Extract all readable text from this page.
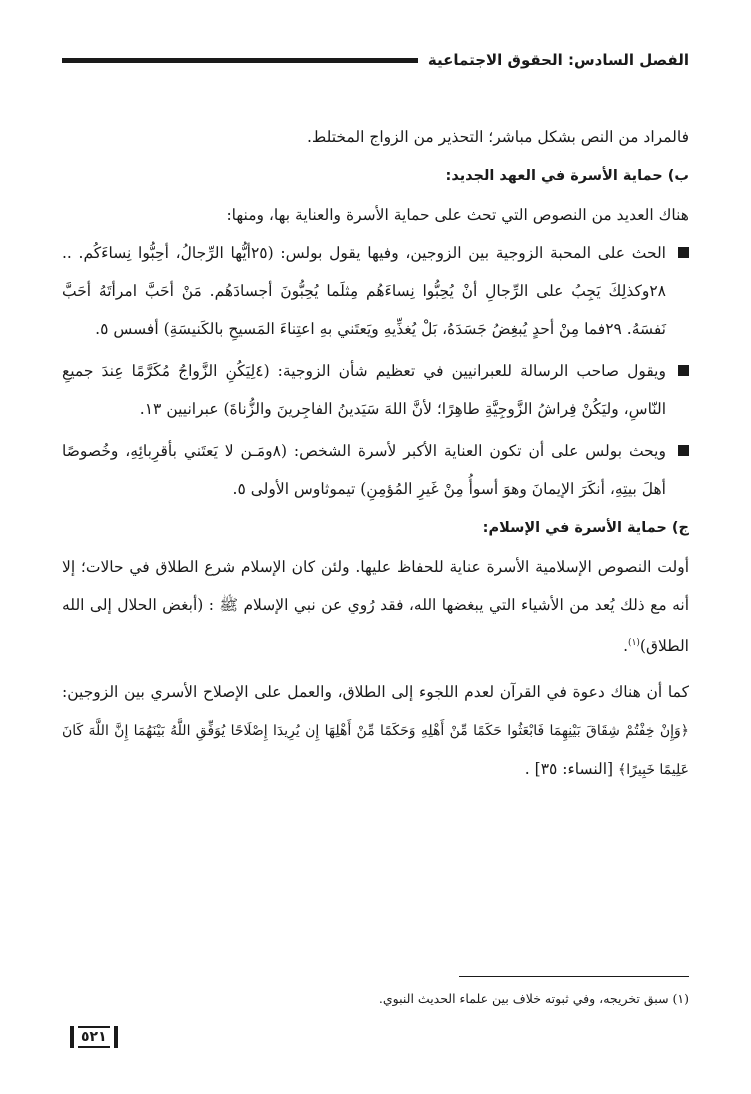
الفصل السادس: الحقوق الاجتماعية

فالمراد من النص بشكل مباشر؛ التحذير من الزواج المختلط.

ب) حماية الأسرة في العهد الجديد:

هناك العديد من النصوص التي تحث على حماية الأسرة والعناية بها، ومنها:

الحث على المحبة الزوجية بين الزوجين، وفيها يقول بولس: (٢٥أيُّها الرِّجالُ، أحِبُّوا نِساءَكُم. .. ٢٨وكذلِكَ يَجِبُ على الرِّجالِ أنْ يُحِبُّوا نِساءَهُم مِثلَما يُحِبُّونَ أجسادَهُم. مَنْ أحَبَّ امرأتَهُ أحَبَّ نَفسَهُ. ٢٩فما مِنْ أحدٍ يُبغِضُ جَسَدَهُ، بَلْ يُغذِّيهِ ويَعتَني بهِ اعتِناءَ المَسيحِ بالكَنيسَةِ) أفسس ٥.

ويقول صاحب الرسالة للعبرانيين في تعظيم شأن الزوجية: (٤لِيَكُنِ الزَّواجُ مُكَرَّمًا عِندَ جميعِ النّاسِ، وليَكُنْ فِراشُ الزَّوجِيَّةِ طاهِرًا؛ لأنَّ اللهَ سَيَدينُ الفاجِرينَ والزُّناةَ) عبرانيين ١٣.

ويحث بولس على أن تكون العناية الأكبر لأسرة الشخص: (٨ومَـن لا يَعتَني بأقرِبائِهِ، وخُصوصًا أهلَ بيتِهِ، أنكَرَ الإيمانَ وهوَ أسوأُ مِنْ غَيرِ المُؤمِنِ) تيموثاوس الأولى ٥.

ج) حماية الأسرة في الإسلام:

أولت النصوص الإسلامية الأسرة عناية للحفاظ عليها. ولئن كان الإسلام شرع الطلاق في حالات؛ إلا أنه مع ذلك يُعد من الأشياء التي يبغضها الله، فقد رُوي عن نبي الإسلام ﷺ : (أبغض الحلال إلى الله الطلاق)$^{(١)}$.

كما أن هناك دعوة في القرآن لعدم اللجوء إلى الطلاق، والعمل على الإصلاح الأسري بين الزوجين: ﴿وَإِنْ خِفْتُمْ شِقَاقَ بَيْنِهِمَا فَابْعَثُوا حَكَمًا مِّنْ أَهْلِهِ وَحَكَمًا مِّنْ أَهْلِهَا إِن يُرِيدَا إِصْلَاحًا يُوَفِّقِ اللَّهُ بَيْنَهُمَا إِنَّ اللَّهَ كَانَ عَلِيمًا خَبِيرًا﴾ [النساء: ٣٥] .

(١) سبق تخريجه، وفي ثبوته خلاف بين علماء الحديث النبوي.

٥٢١
